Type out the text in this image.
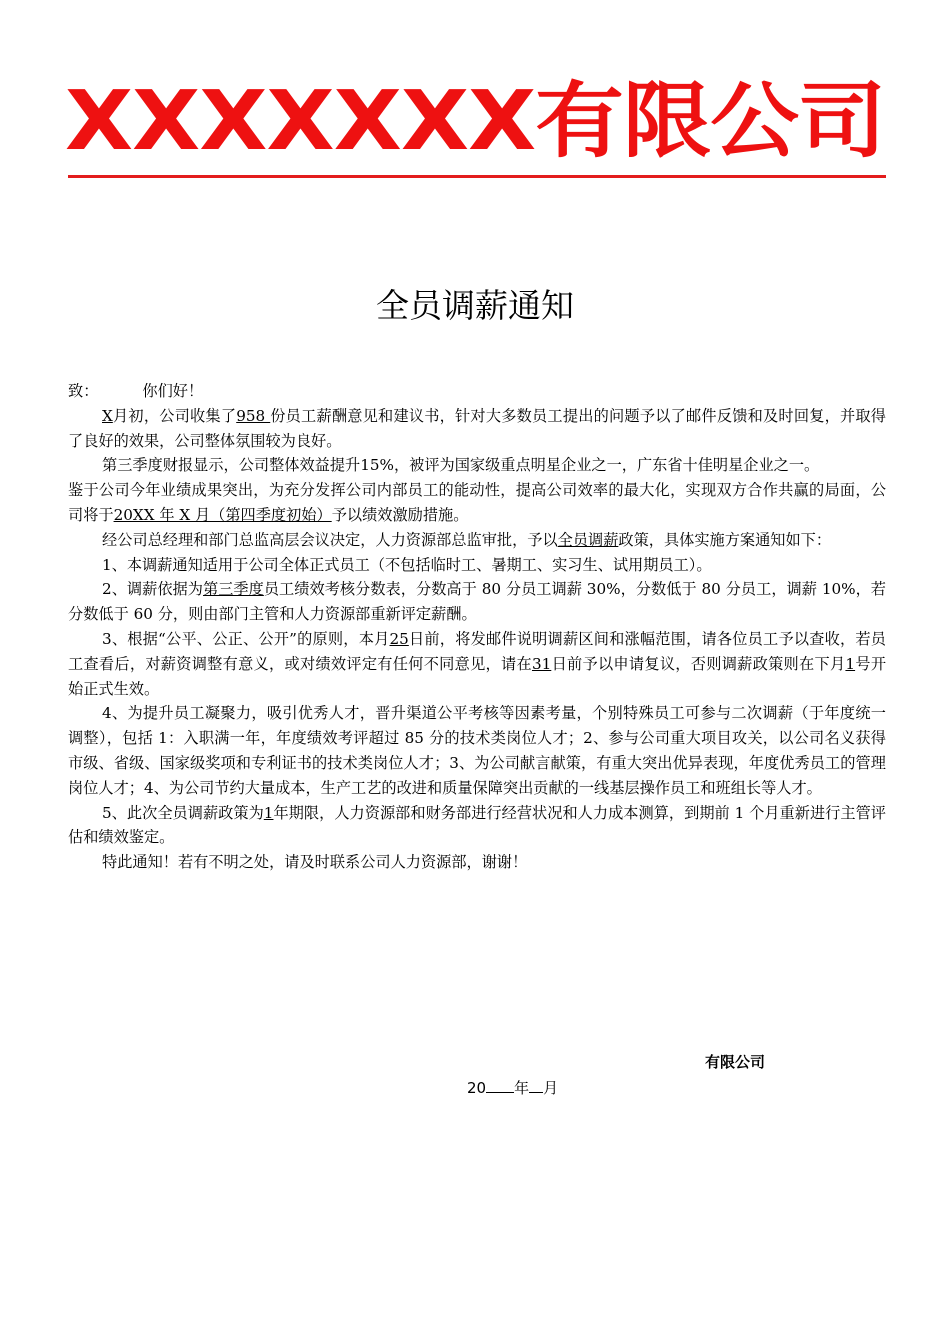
XXXXXXX有限公司
全员调薪通知

致：	你们好！

X月初，公司收集了958 份员工薪酬意见和建议书，针对大多数员工提出的问题予以了邮件反馈和及时回复，并取得了良好的效果，公司整体氛围较为良好。

第三季度财报显示，公司整体效益提升15%，被评为国家级重点明星企业之一，广东省十佳明星企业之一。

鉴于公司今年业绩成果突出，为充分发挥公司内部员工的能动性，提高公司效率的最大化，实现双方合作共赢的局面，公司将于20XX 年 X 月（第四季度初始）予以绩效激励措施。

经公司总经理和部门总监高层会议决定，人力资源部总监审批，予以全员调薪政策，具体实施方案通知如下：

1、本调薪通知适用于公司全体正式员工（不包括临时工、暑期工、实习生、试用期员工）。

2、调薪依据为第三季度员工绩效考核分数表，分数高于 80 分员工调薪 30%，分数低于 80 分员工，调薪 10%，若分数低于 60 分，则由部门主管和人力资源部重新评定薪酬。

3、根据“公平、公正、公开”的原则，本月25日前，将发邮件说明调薪区间和涨幅范围，请各位员工予以查收，若员工查看后，对薪资调整有意义，或对绩效评定有任何不同意见，请在31日前予以申请复议，否则调薪政策则在下月1号开始正式生效。

4、为提升员工凝聚力，吸引优秀人才，晋升渠道公平考核等因素考量，个别特殊员工可参与二次调薪（于年度统一调整），包括 1：入职满一年，年度绩效考评超过 85 分的技术类岗位人才；2、参与公司重大项目攻关，以公司名义获得市级、省级、国家级奖项和专利证书的技术类岗位人才；3、为公司献言献策，有重大突出优异表现，年度优秀员工的管理岗位人才；4、为公司节约大量成本，生产工艺的改进和质量保障突出贡献的一线基层操作员工和班组长等人才。

5、此次全员调薪政策为1年期限，人力资源部和财务部进行经营状况和人力成本测算，到期前 1 个月重新进行主管评估和绩效鉴定。

特此通知！若有不明之处，请及时联系公司人力资源部，谢谢！

有限公司
20 年 月
